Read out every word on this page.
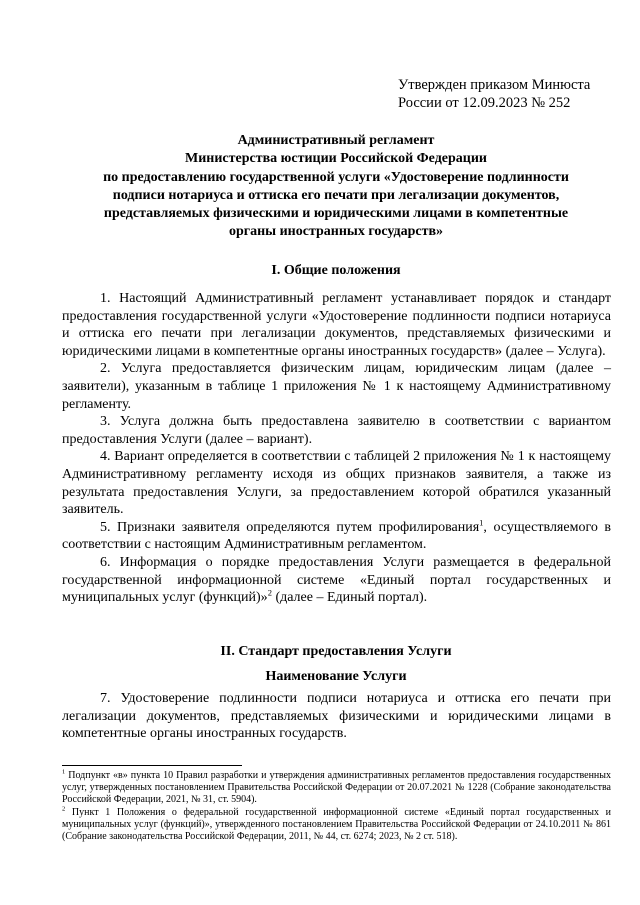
Утвержден приказом Минюста
России от 12.09.2023 № 252
Административный регламент
Министерства юстиции Российской Федерации
по предоставлению государственной услуги «Удостоверение подлинности
подписи нотариуса и оттиска его печати при легализации документов,
представляемых физическими и юридическими лицами в компетентные
органы иностранных государств»
I. Общие положения

1. Настоящий Административный регламент устанавливает порядок и стандарт предоставления государственной услуги «Удостоверение подлинности подписи нотариуса и оттиска его печати при легализации документов, представляемых физическими и юридическими лицами в компетентные органы иностранных государств» (далее – Услуга).

2. Услуга предоставляется физическим лицам, юридическим лицам (далее – заявители), указанным в таблице 1 приложения № 1 к настоящему Административному регламенту.

3. Услуга должна быть предоставлена заявителю в соответствии с вариантом предоставления Услуги (далее – вариант).

4. Вариант определяется в соответствии с таблицей 2 приложения № 1 к настоящему Административному регламенту исходя из общих признаков заявителя, а также из результата предоставления Услуги, за предоставлением которой обратился указанный заявитель.

5. Признаки заявителя определяются путем профилирования$^1$, осуществляемого в соответствии с настоящим Административным регламентом.

6. Информация о порядке предоставления Услуги размещается в федеральной государственной информационной системе «Единый портал государственных и муниципальных услуг (функций)»$^2$ (далее – Единый портал).

II. Стандарт предоставления Услуги
Наименование Услуги

7. Удостоверение подлинности подписи нотариуса и оттиска его печати при легализации документов, представляемых физическими и юридическими лицами в компетентные органы иностранных государств.

$^1$ Подпункт «в» пункта 10 Правил разработки и утверждения административных регламентов предоставления государственных услуг, утвержденных постановлением Правительства Российской Федерации от 20.07.2021 № 1228 (Собрание законодательства Российской Федерации, 2021, № 31, ст. 5904).

$^2$ Пункт 1 Положения о федеральной государственной информационной системе «Единый портал государственных и муниципальных услуг (функций)», утвержденного постановлением Правительства Российской Федерации от 24.10.2011 № 861 (Собрание законодательства Российской Федерации, 2011, № 44, ст. 6274; 2023, № 2 ст. 518).
